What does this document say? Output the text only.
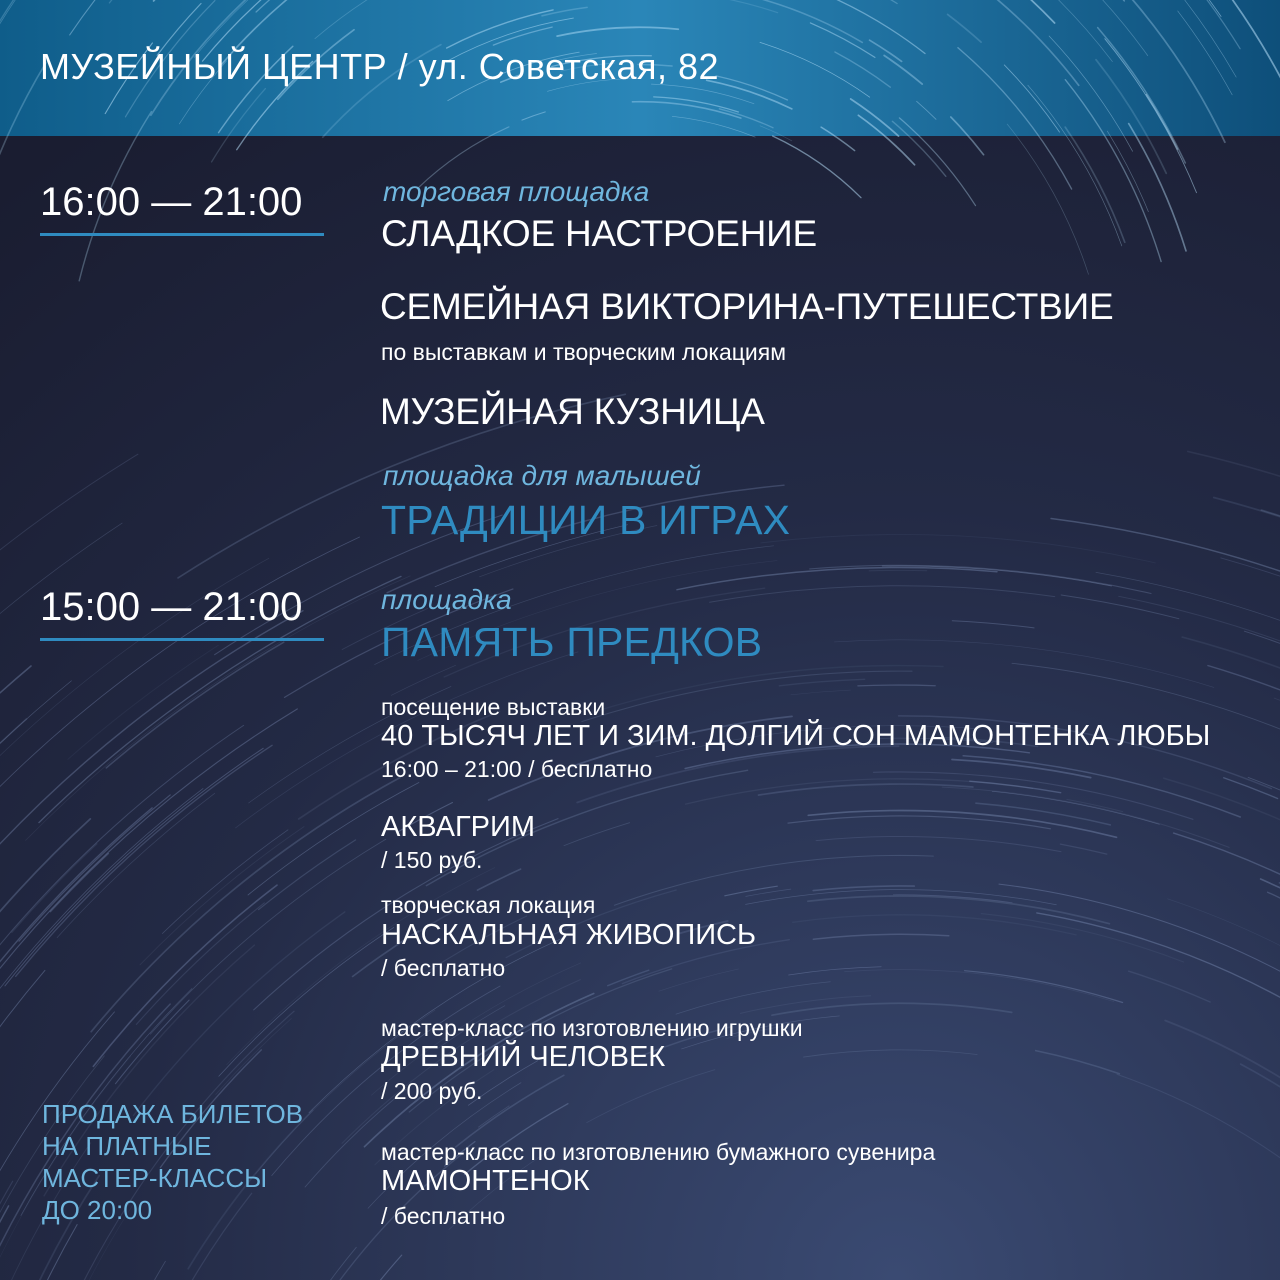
МУЗЕЙНЫЙ ЦЕНТР / ул. Советская, 82
16:00 — 21:00	торговая площадка
СЛАДКОЕ НАСТРОЕНИЕ
СЕМЕЙНАЯ ВИКТОРИНА-ПУТЕШЕСТВИЕ
по выставкам и творческим локациям
МУЗЕЙНАЯ КУЗНИЦА
площадка для малышей
ТРАДИЦИИ В ИГРАХ
15:00 — 21:00	площадка
ПАМЯТЬ ПРЕДКОВ
посещение выставки
40 ТЫСЯЧ ЛЕТ И ЗИМ. ДОЛГИЙ СОН МАМОНТЕНКА ЛЮБЫ
16:00 – 21:00 / бесплатно
АКВАГРИМ
/ 150 руб.
творческая локация
НАСКАЛЬНАЯ ЖИВОПИСЬ
/ бесплатно
мастер-класс по изготовлению игрушки
ДРЕВНИЙ ЧЕЛОВЕК
/ 200 руб.
мастер-класс по изготовлению бумажного сувенира
МАМОНТЕНОК
/ бесплатно
ПРОДАЖА БИЛЕТОВ
НА ПЛАТНЫЕ
МАСТЕР-КЛАССЫ
ДО 20:00
